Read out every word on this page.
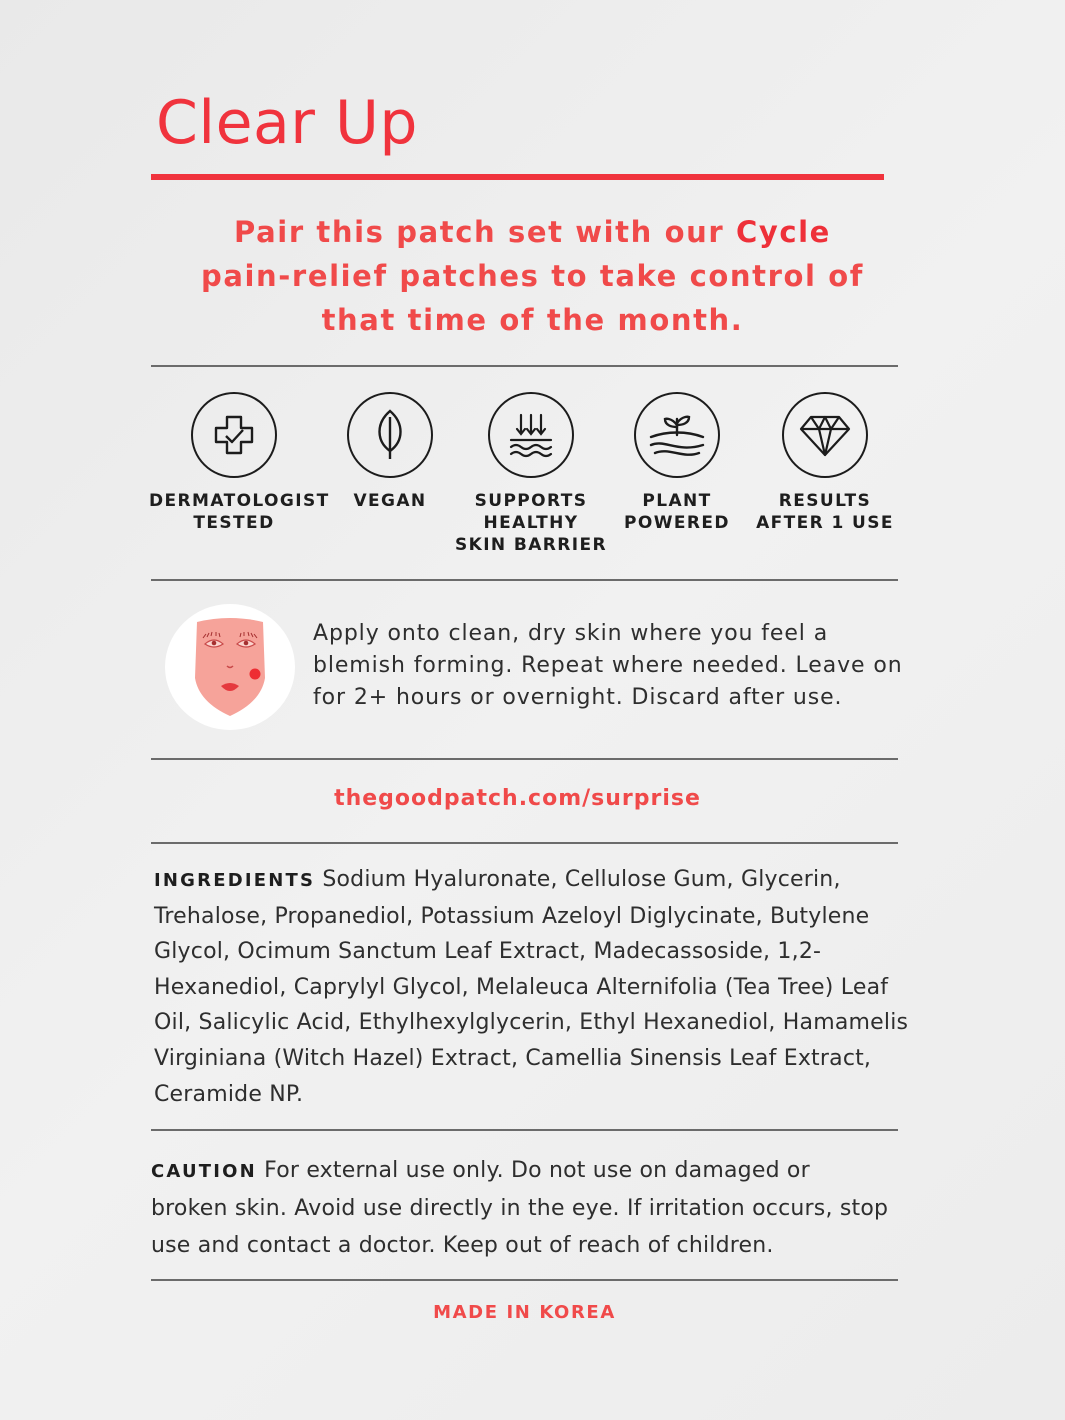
Clear Up

Pair this patch set with our Cycle pain-relief patches to take control of that time of the month.

DERMATOLOGIST
TESTED
VEGAN	SUPPORTS
HEALTHY
SKIN BARRIER
PLANT
POWERED
RESULTS
AFTER 1 USE

Apply onto clean, dry skin where you feel a blemish forming. Repeat where needed. Leave on for 2+ hours or overnight. Discard after use.

thegoodpatch.com/surprise

INGREDIENTS Sodium Hyaluronate, Cellulose Gum, Glycerin, Trehalose, Propanediol, Potassium Azeloyl Diglycinate, Butylene Glycol, Ocimum Sanctum Leaf Extract, Madecassoside, 1,2-Hexanediol, Caprylyl Glycol, Melaleuca Alternifolia (Tea Tree) Leaf Oil, Salicylic Acid, Ethylhexylglycerin, Ethyl Hexanediol, Hamamelis Virginiana (Witch Hazel) Extract, Camellia Sinensis Leaf Extract, Ceramide NP.

CAUTION For external use only. Do not use on damaged or broken skin. Avoid use directly in the eye. If irritation occurs, stop use and contact a doctor. Keep out of reach of children.

MADE IN KOREA
